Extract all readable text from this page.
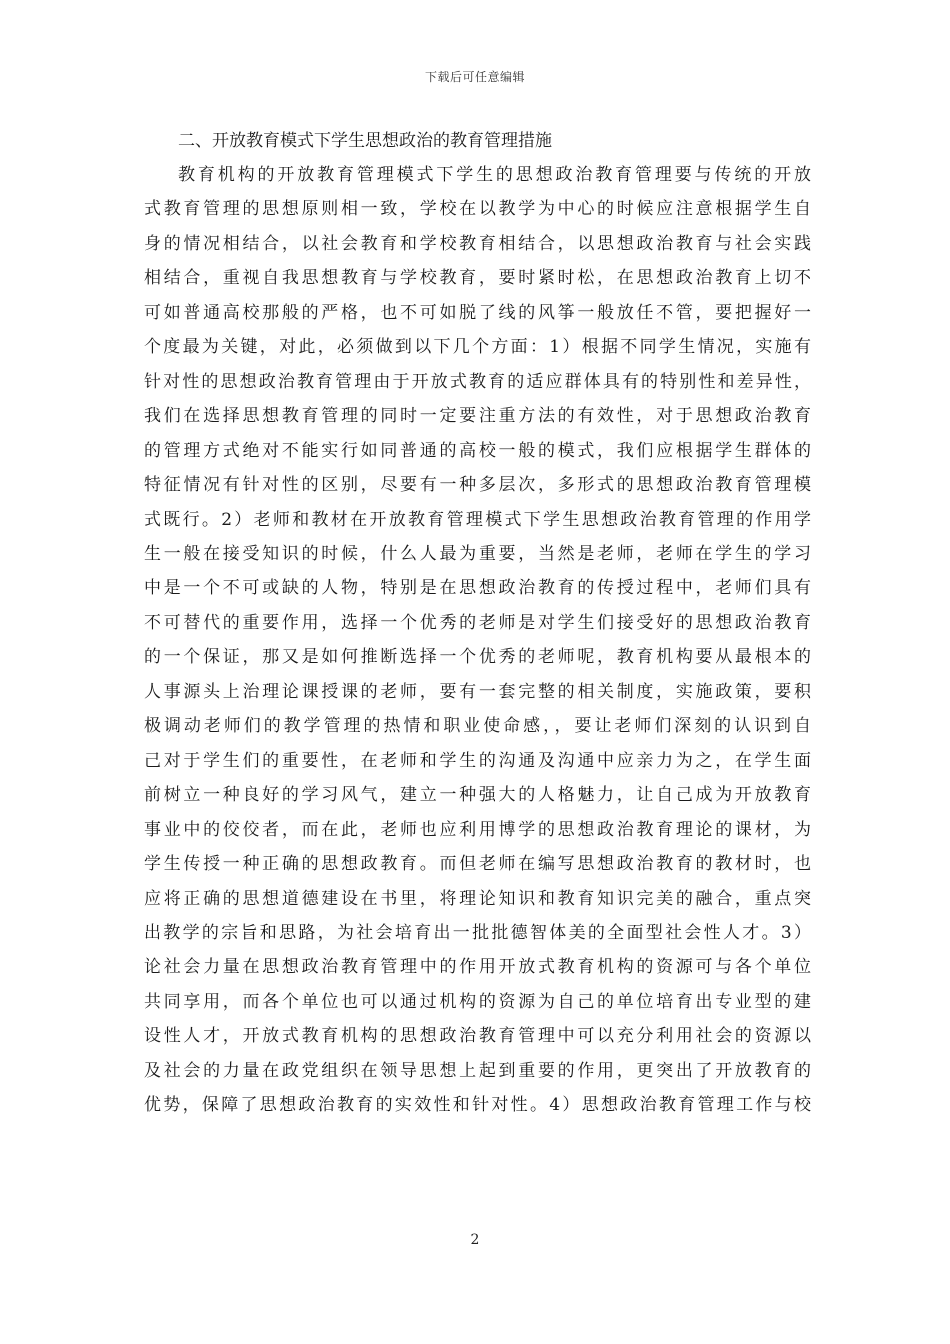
下载后可任意编辑
二、开放教育模式下学生思想政治的教育管理措施

教育机构的开放教育管理模式下学生的思想政治教育管理要与传统的开放
式教育管理的思想原则相一致，学校在以教学为中心的时候应注意根据学生自
身的情况相结合，以社会教育和学校教育相结合，以思想政治教育与社会实践
相结合，重视自我思想教育与学校教育，要时紧时松，在思想政治教育上切不
可如普通高校那般的严格，也不可如脱了线的风筝一般放任不管，要把握好一
个度最为关键，对此，必须做到以下几个方面：1）根据不同学生情况，实施有
针对性的思想政治教育管理由于开放式教育的适应群体具有的特别性和差异性，
我们在选择思想教育管理的同时一定要注重方法的有效性，对于思想政治教育
的管理方式绝对不能实行如同普通的高校一般的模式，我们应根据学生群体的
特征情况有针对性的区别，尽要有一种多层次，多形式的思想政治教育管理模
式既行。2）老师和教材在开放教育管理模式下学生思想政治教育管理的作用学
生一般在接受知识的时候，什么人最为重要，当然是老师，老师在学生的学习
中是一个不可或缺的人物，特别是在思想政治教育的传授过程中，老师们具有
不可替代的重要作用，选择一个优秀的老师是对学生们接受好的思想政治教育
的一个保证，那又是如何推断选择一个优秀的老师呢，教育机构要从最根本的
人事源头上治理论课授课的老师，要有一套完整的相关制度，实施政策，要积
极调动老师们的教学管理的热情和职业使命感，，要让老师们深刻的认识到自
己对于学生们的重要性，在老师和学生的沟通及沟通中应亲力为之，在学生面
前树立一种良好的学习风气，建立一种强大的人格魅力，让自己成为开放教育
事业中的佼佼者，而在此，老师也应利用博学的思想政治教育理论的课材，为
学生传授一种正确的思想政教育。而但老师在编写思想政治教育的教材时，也
应将正确的思想道德建设在书里，将理论知识和教育知识完美的融合，重点突
出教学的宗旨和思路，为社会培育出一批批德智体美的全面型社会性人才。3）
论社会力量在思想政治教育管理中的作用开放式教育机构的资源可与各个单位
共同享用，而各个单位也可以通过机构的资源为自己的单位培育出专业型的建
设性人才，开放式教育机构的思想政治教育管理中可以充分利用社会的资源以
及社会的力量在政党组织在领导思想上起到重要的作用，更突出了开放教育的
优势，保障了思想政治教育的实效性和针对性。4）思想政治教育管理工作与校

2
